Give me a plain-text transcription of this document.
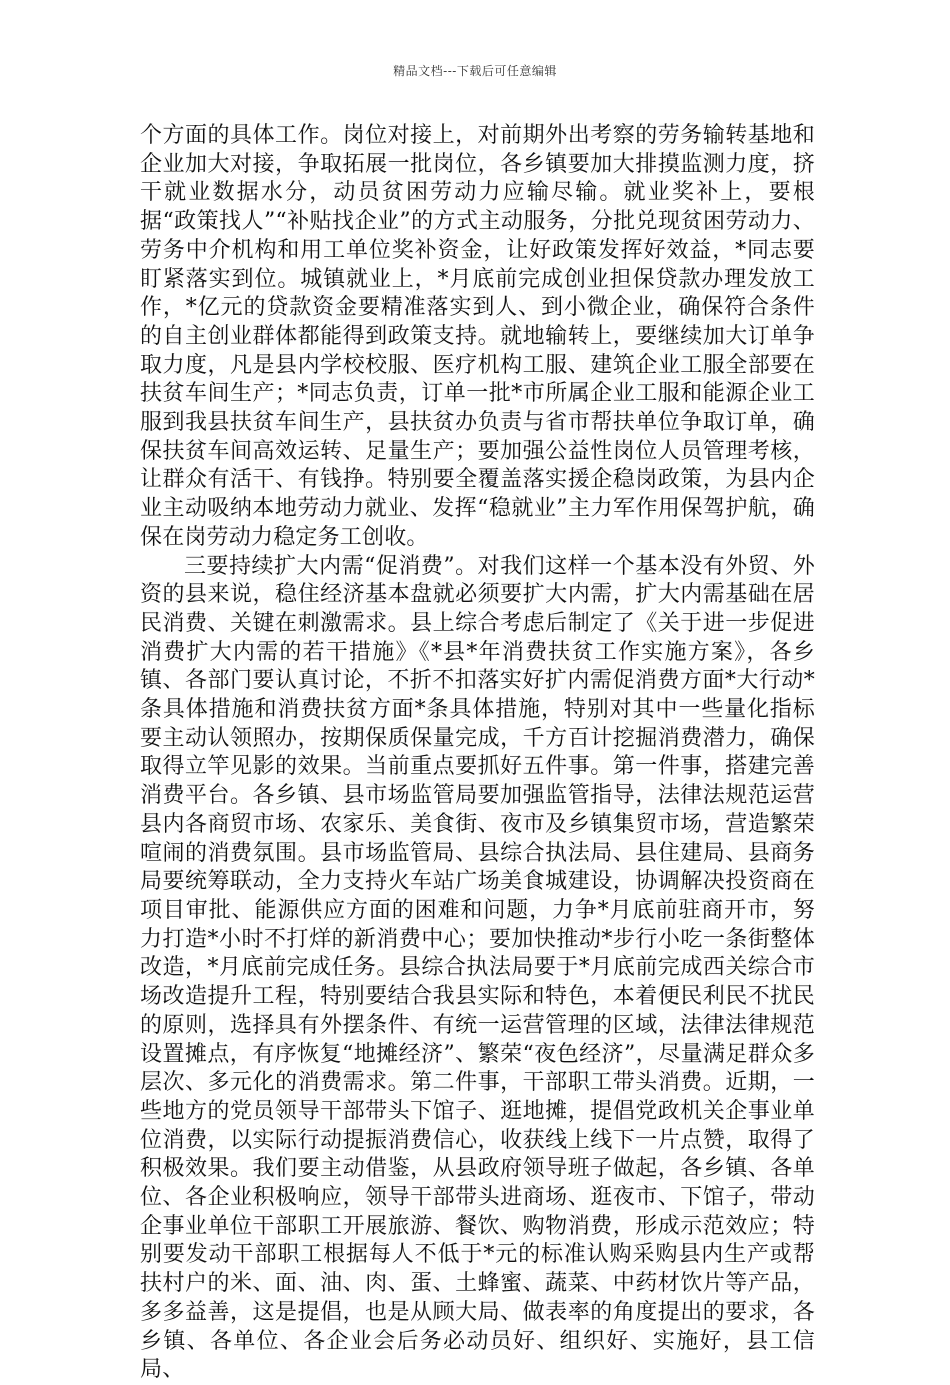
精品文档---下载后可任意编辑

个方面的具体工作。岗位对接上，对前期外出考察的劳务输转基地和企业加大对接，争取拓展一批岗位，各乡镇要加大排摸监测力度，挤干就业数据水分，动员贫困劳动力应输尽输。就业奖补上，要根据“政策找人”“补贴找企业”的方式主动服务，分批兑现贫困劳动力、劳务中介机构和用工单位奖补资金，让好政策发挥好效益，*同志要盯紧落实到位。城镇就业上，*月底前完成创业担保贷款办理发放工作，*亿元的贷款资金要精准落实到人、到小微企业，确保符合条件的自主创业群体都能得到政策支持。就地输转上，要继续加大订单争取力度，凡是县内学校校服、医疗机构工服、建筑企业工服全部要在扶贫车间生产；*同志负责，订单一批*市所属企业工服和能源企业工服到我县扶贫车间生产，县扶贫办负责与省市帮扶单位争取订单，确保扶贫车间高效运转、足量生产；要加强公益性岗位人员管理考核，让群众有活干、有钱挣。特别要全覆盖落实援企稳岗政策，为县内企业主动吸纳本地劳动力就业、发挥“稳就业”主力军作用保驾护航，确保在岗劳动力稳定务工创收。

三要持续扩大内需“促消费”。对我们这样一个基本没有外贸、外资的县来说，稳住经济基本盘就必须要扩大内需，扩大内需基础在居民消费、关键在刺激需求。县上综合考虑后制定了《关于进一步促进消费扩大内需的若干措施》《*县*年消费扶贫工作实施方案》，各乡镇、各部门要认真讨论，不折不扣落实好扩内需促消费方面*大行动*条具体措施和消费扶贫方面*条具体措施，特别对其中一些量化指标要主动认领照办，按期保质保量完成，千方百计挖掘消费潜力，确保取得立竿见影的效果。当前重点要抓好五件事。第一件事，搭建完善消费平台。各乡镇、县市场监管局要加强监管指导，法律法规范运营县内各商贸市场、农家乐、美食街、夜市及乡镇集贸市场，营造繁荣喧闹的消费氛围。县市场监管局、县综合执法局、县住建局、县商务局要统筹联动，全力支持火车站广场美食城建设，协调解决投资商在项目审批、能源供应方面的困难和问题，力争*月底前驻商开市，努力打造*小时不打烊的新消费中心；要加快推动*步行小吃一条街整体改造，*月底前完成任务。县综合执法局要于*月底前完成西关综合市场改造提升工程，特别要结合我县实际和特色，本着便民利民不扰民的原则，选择具有外摆条件、有统一运营管理的区域，法律法律规范设置摊点，有序恢复“地摊经济”、繁荣“夜色经济”，尽量满足群众多层次、多元化的消费需求。第二件事，干部职工带头消费。近期，一些地方的党员领导干部带头下馆子、逛地摊，提倡党政机关企事业单位消费，以实际行动提振消费信心，收获线上线下一片点赞，取得了积极效果。我们要主动借鉴，从县政府领导班子做起，各乡镇、各单位、各企业积极响应，领导干部带头进商场、逛夜市、下馆子，带动企事业单位干部职工开展旅游、餐饮、购物消费，形成示范效应；特别要发动干部职工根据每人不低于*元的标准认购采购县内生产或帮扶村户的米、面、油、肉、蛋、土蜂蜜、蔬菜、中药材饮片等产品，多多益善，这是提倡，也是从顾大局、做表率的角度提出的要求，各乡镇、各单位、各企业会后务必动员好、组织好、实施好，县工信局、
